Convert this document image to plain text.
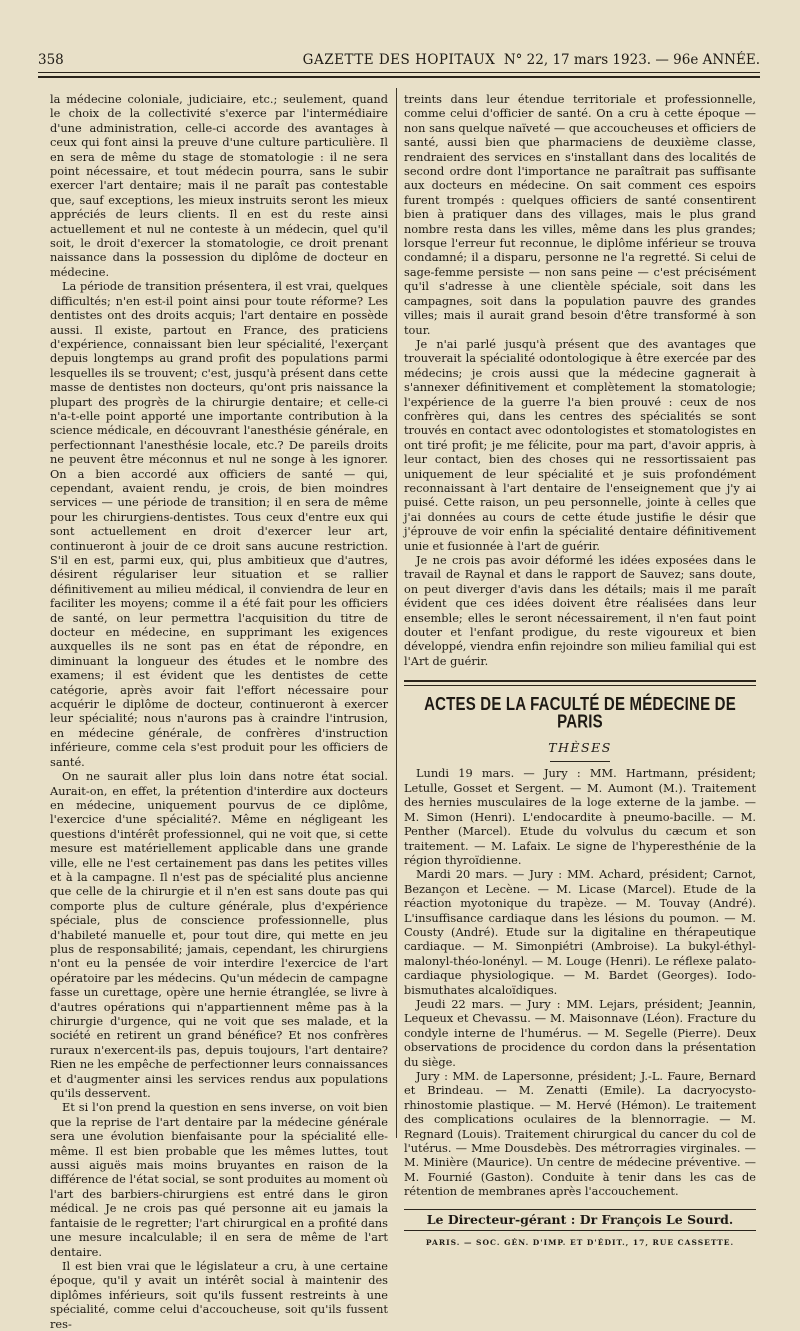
358	GAZETTE DES HOPITAUX N° 22, 17 mars 1923. — 96e ANNÉE.

la médecine coloniale, judiciaire, etc.; seulement, quand le choix de la collectivité s'exerce par l'intermédiaire d'une administration, celle-ci accorde des avantages à ceux qui font ainsi la preuve d'une culture particulière. Il en sera de même du stage de stomatologie : il ne sera point nécessaire, et tout médecin pourra, sans le subir exercer l'art dentaire; mais il ne paraît pas contestable que, sauf exceptions, les mieux instruits seront les mieux appréciés de leurs clients. Il en est du reste ainsi actuellement et nul ne conteste à un médecin, quel qu'il soit, le droit d'exercer la stomatologie, ce droit prenant naissance dans la possession du diplôme de docteur en médecine.

La période de transition présentera, il est vrai, quelques difficultés; n'en est-il point ainsi pour toute réforme? Les dentistes ont des droits acquis; l'art dentaire en possède aussi. Il existe, partout en France, des praticiens d'expérience, connaissant bien leur spécialité, l'exerçant depuis longtemps au grand profit des populations parmi lesquelles ils se trouvent; c'est, jusqu'à présent dans cette masse de dentistes non docteurs, qu'ont pris naissance la plupart des progrès de la chirurgie dentaire; et celle-ci n'a-t-elle point apporté une importante contribution à la science médicale, en découvrant l'anesthésie générale, en perfectionnant l'anesthésie locale, etc.? De pareils droits ne peuvent être méconnus et nul ne songe à les ignorer. On a bien accordé aux officiers de santé — qui, cependant, avaient rendu, je crois, de bien moindres services — une période de transition; il en sera de même pour les chirurgiens-dentistes. Tous ceux d'entre eux qui sont actuellement en droit d'exercer leur art, continueront à jouir de ce droit sans aucune restriction. S'il en est, parmi eux, qui, plus ambitieux que d'autres, désirent régulariser leur situation et se rallier définitivement au milieu médical, il conviendra de leur en faciliter les moyens; comme il a été fait pour les officiers de santé, on leur permettra l'acquisition du titre de docteur en médecine, en supprimant les exigences auxquelles ils ne sont pas en état de répondre, en diminuant la longueur des études et le nombre des examens; il est évident que les dentistes de cette catégorie, après avoir fait l'effort nécessaire pour acquérir le diplôme de docteur, continueront à exercer leur spécialité; nous n'aurons pas à craindre l'intrusion, en médecine générale, de confrères d'instruction inférieure, comme cela s'est produit pour les officiers de santé.

On ne saurait aller plus loin dans notre état social. Aurait-on, en effet, la prétention d'interdire aux docteurs en médecine, uniquement pourvus de ce diplôme, l'exercice d'une spécialité?. Même en négligeant les questions d'intérêt professionnel, qui ne voit que, si cette mesure est matériellement applicable dans une grande ville, elle ne l'est certainement pas dans les petites villes et à la campagne. Il n'est pas de spécialité plus ancienne que celle de la chirurgie et il n'en est sans doute pas qui comporte plus de culture générale, plus d'expérience spéciale, plus de conscience professionnelle, plus d'habileté manuelle et, pour tout dire, qui mette en jeu plus de responsabilité; jamais, cependant, les chirurgiens n'ont eu la pensée de voir interdire l'exercice de l'art opératoire par les médecins. Qu'un médecin de campagne fasse un curettage, opère une hernie étranglée, se livre à d'autres opérations qui n'appartiennent même pas à la chirurgie d'urgence, qui ne voit que ses malade, et la société en retirent un grand bénéfice? Et nos confrères ruraux n'exercent-ils pas, depuis toujours, l'art dentaire? Rien ne les empêche de perfectionner leurs connaissances et d'augmenter ainsi les services rendus aux populations qu'ils desservent.

Et si l'on prend la question en sens inverse, on voit bien que la reprise de l'art dentaire par la médecine générale sera une évolution bienfaisante pour la spécialité elle-même. Il est bien probable que les mêmes luttes, tout aussi aiguës mais moins bruyantes en raison de la différence de l'état social, se sont produites au moment où l'art des barbiers-chirurgiens est entré dans le giron médical. Je ne crois pas qué personne ait eu jamais la fantaisie de le regretter; l'art chirurgical en a profité dans une mesure incalculable; il en sera de même de l'art dentaire.

Il est bien vrai que le législateur a cru, à une certaine époque, qu'il y avait un intérêt social à maintenir des diplômes inférieurs, soit qu'ils fussent restreints à une spécialité, comme celui d'accoucheuse, soit qu'ils fussent res-

treints dans leur étendue territoriale et professionnelle, comme celui d'officier de santé. On a cru à cette époque — non sans quelque naïveté — que accoucheuses et officiers de santé, aussi bien que pharmaciens de deuxième classe, rendraient des services en s'installant dans des localités de second ordre dont l'importance ne paraîtrait pas suffisante aux docteurs en médecine. On sait comment ces espoirs furent trompés : quelques officiers de santé consentirent bien à pratiquer dans des villages, mais le plus grand nombre resta dans les villes, même dans les plus grandes; lorsque l'erreur fut reconnue, le diplôme inférieur se trouva condamné; il a disparu, personne ne l'a regretté. Si celui de sage-femme persiste — non sans peine — c'est précisément qu'il s'adresse à une clientèle spéciale, soit dans les campagnes, soit dans la population pauvre des grandes villes; mais il aurait grand besoin d'être transformé à son tour.

Je n'ai parlé jusqu'à présent que des avantages que trouverait la spécialité odontologique à être exercée par des médecins; je crois aussi que la médecine gagnerait à s'annexer définitivement et complètement la stomatologie; l'expérience de la guerre l'a bien prouvé : ceux de nos confrères qui, dans les centres des spécialités se sont trouvés en contact avec odontologistes et stomatologistes en ont tiré profit; je me félicite, pour ma part, d'avoir appris, à leur contact, bien des choses qui ne ressortissaient pas uniquement de leur spécialité et je suis profondément reconnaissant à l'art dentaire de l'enseignement que j'y ai puisé. Cette raison, un peu personnelle, jointe à celles que j'ai données au cours de cette étude justifie le désir que j'éprouve de voir enfin la spécialité dentaire définitivement unie et fusionnée à l'art de guérir.

Je ne crois pas avoir déformé les idées exposées dans le travail de Raynal et dans le rapport de Sauvez; sans doute, on peut diverger d'avis dans les détails; mais il me paraît évident que ces idées doivent être réalisées dans leur ensemble; elles le seront nécessairement, il n'en faut point douter et l'enfant prodigue, du reste vigoureux et bien développé, viendra enfin rejoindre son milieu familial qui est l'Art de guérir.

ACTES DE LA FACULTÉ DE MÉDECINE DE PARIS
THÈSES

Lundi 19 mars. — Jury : MM. Hartmann, président; Letulle, Gosset et Sergent. — M. Aumont (M.). Traitement des hernies musculaires de la loge externe de la jambe. — M. Simon (Henri). L'endocardite à pneumo-bacille. — M. Penther (Marcel). Etude du volvulus du cæcum et son traitement. — M. Lafaix. Le signe de l'hyperesthénie de la région thyroïdienne.

Mardi 20 mars. — Jury : MM. Achard, président; Carnot, Bezançon et Lecène. — M. Licase (Marcel). Etude de la réaction myotonique du trapèze. — M. Touvay (André). L'insuffisance cardiaque dans les lésions du poumon. — M. Cousty (André). Etude sur la digitaline en thérapeutique cardiaque. — M. Simonpiétri (Ambroise). La bukyl-éthyl-malonyl-théo-lonényl. — M. Louge (Henri). Le réflexe palato-cardiaque physiologique. — M. Bardet (Georges). Iodo-bismuthates alcaloïdiques.

Jeudi 22 mars. — Jury : MM. Lejars, président; Jeannin, Lequeux et Chevassu. — M. Maisonnave (Léon). Fracture du condyle interne de l'humérus. — M. Segelle (Pierre). Deux observations de procidence du cordon dans la présentation du siège.

Jury : MM. de Lapersonne, président; J.-L. Faure, Bernard et Brindeau. — M. Zenatti (Emile). La dacryocysto-rhinostomie plastique. — M. Hervé (Hémon). Le traitement des complications oculaires de la blennorragie. — M. Regnard (Louis). Traitement chirurgical du cancer du col de l'utérus. — Mme Dousdebès. Des métrorragies virginales. — M. Minière (Maurice). Un centre de médecine préventive. — M. Fournié (Gaston). Conduite à tenir dans les cas de rétention de membranes après l'accouchement.

Le Directeur-gérant : Dr François Le Sourd.
PARIS. — SOC. GÉN. D'IMP. ET D'ÉDIT., 17, RUE CASSETTE.
